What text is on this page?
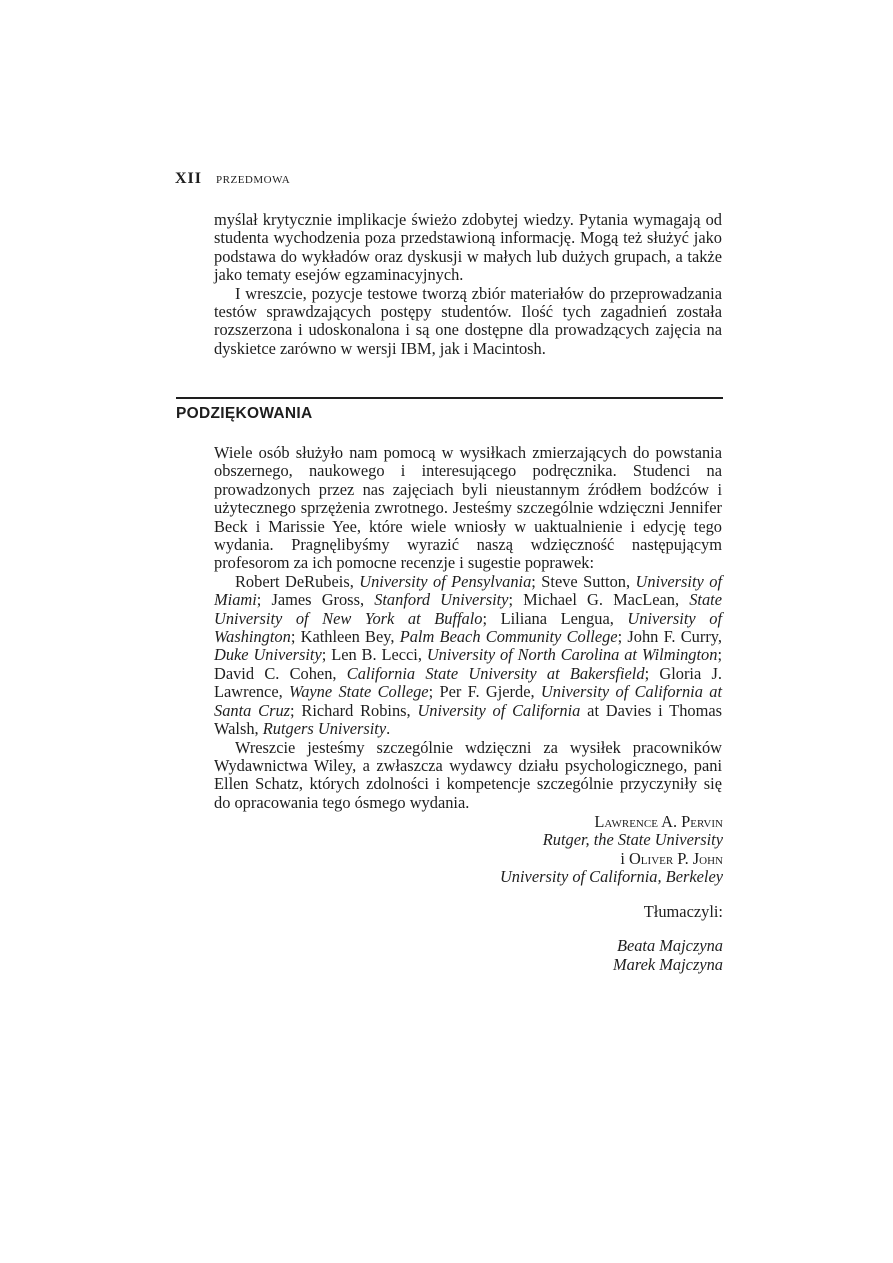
XII PRZEDMOWA

myślał krytycznie implikacje świeżo zdobytej wiedzy. Pytania wymagają od studenta wychodzenia poza przedstawioną informację. Mogą też służyć jako podstawa do wykładów oraz dyskusji w małych lub dużych grupach, a także jako tematy esejów egzaminacyjnych.

I wreszcie, pozycje testowe tworzą zbiór materiałów do przeprowadzania testów sprawdzających postępy studentów. Ilość tych zagadnień została rozszerzona i udoskonalona i są one dostępne dla prowadzących zajęcia na dyskietce zarówno w wersji IBM, jak i Macintosh.

PODZIĘKOWANIA

Wiele osób służyło nam pomocą w wysiłkach zmierzających do powstania obszernego, naukowego i interesującego podręcznika. Studenci na prowadzonych przez nas zajęciach byli nieustannym źródłem bodźców i użytecznego sprzężenia zwrotnego. Jesteśmy szczególnie wdzięczni Jennifer Beck i Marissie Yee, które wiele wniosły w uaktualnienie i edycję tego wydania. Pragnęlibyśmy wyrazić naszą wdzięczność następującym profesorom za ich pomocne recenzje i sugestie poprawek:

Robert DeRubeis, University of Pensylvania; Steve Sutton, University of Miami; James Gross, Stanford University; Michael G. MacLean, State University of New York at Buffalo; Liliana Lengua, University of Washington; Kathleen Bey, Palm Beach Community College; John F. Curry, Duke University; Len B. Lecci, University of North Carolina at Wilmington; David C. Cohen, California State University at Bakersfield; Gloria J. Lawrence, Wayne State College; Per F. Gjerde, University of California at Santa Cruz; Richard Robins, University of California at Davies i Thomas Walsh, Rutgers University.

Wreszcie jesteśmy szczególnie wdzięczni za wysiłek pracowników Wydawnictwa Wiley, a zwłaszcza wydawcy działu psychologicznego, pani Ellen Schatz, których zdolności i kompetencje szczególnie przyczyniły się do opracowania tego ósmego wydania.

Lawrence A. Pervin
Rutger, the State University
i Oliver P. John
University of California, Berkeley
Tłumaczyli:
Beata Majczyna
Marek Majczyna
